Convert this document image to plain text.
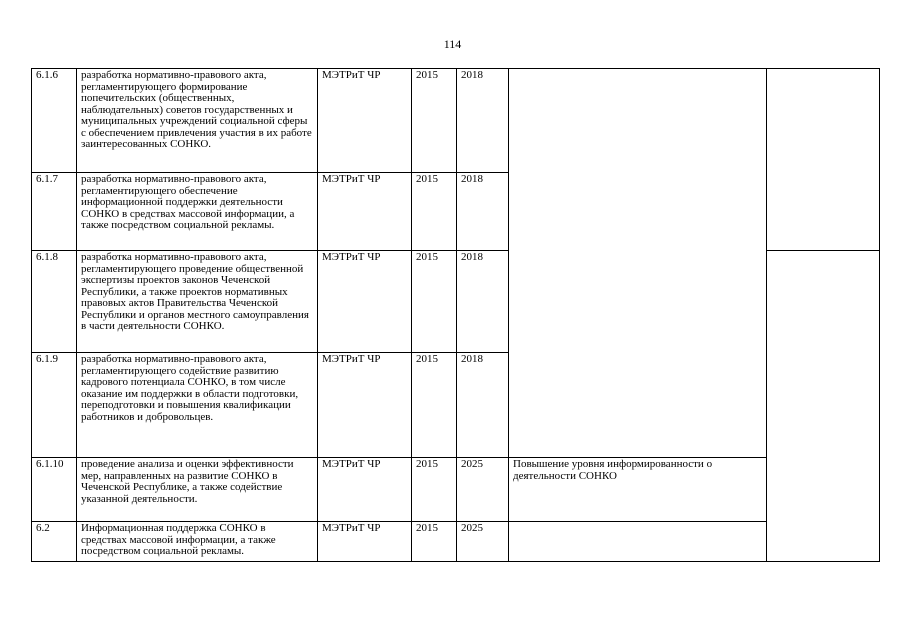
114
6.1.6	разработка нормативно-правового акта, регламентирующего формирование попечительских (общественных, наблюдательных) советов государственных и муниципальных учреждений социальной сферы с обеспечением привлечения участия в их работе заинтересованных СОНКО.	МЭТРиТ ЧР	2015	2018		
6.1.7	разработка нормативно-правового акта, регламентирующего обеспечение информационной поддержки деятельности СОНКО в средствах массовой информации, а также посредством социальной рекламы.	МЭТРиТ ЧР	2015	2018		
6.1.8	разработка нормативно-правового акта, регламентирующего проведение общественной экспертизы проектов законов Чеченской Республики, а также проектов нормативных правовых актов Правительства Чеченской Республики и органов местного самоуправления в части деятельности СОНКО.	МЭТРиТ ЧР	2015	2018		
6.1.9	разработка нормативно-правового акта, регламентирующего содействие развитию кадрового потенциала СОНКО, в том числе оказание им поддержки в области подготовки, переподготовки и повышения квалификации работников и добровольцев.	МЭТРиТ ЧР	2015	2018		
6.1.10	проведение анализа и оценки эффективности мер, направленных на развитие СОНКО в Чеченской Республике, а также содействие указанной деятельности.	МЭТРиТ ЧР	2015	2025	Повышение уровня информированности о деятельности СОНКО	
6.2	Информационная поддержка СОНКО в средствах массовой информации, а также посредством социальной рекламы.	МЭТРиТ ЧР	2015	2025		
